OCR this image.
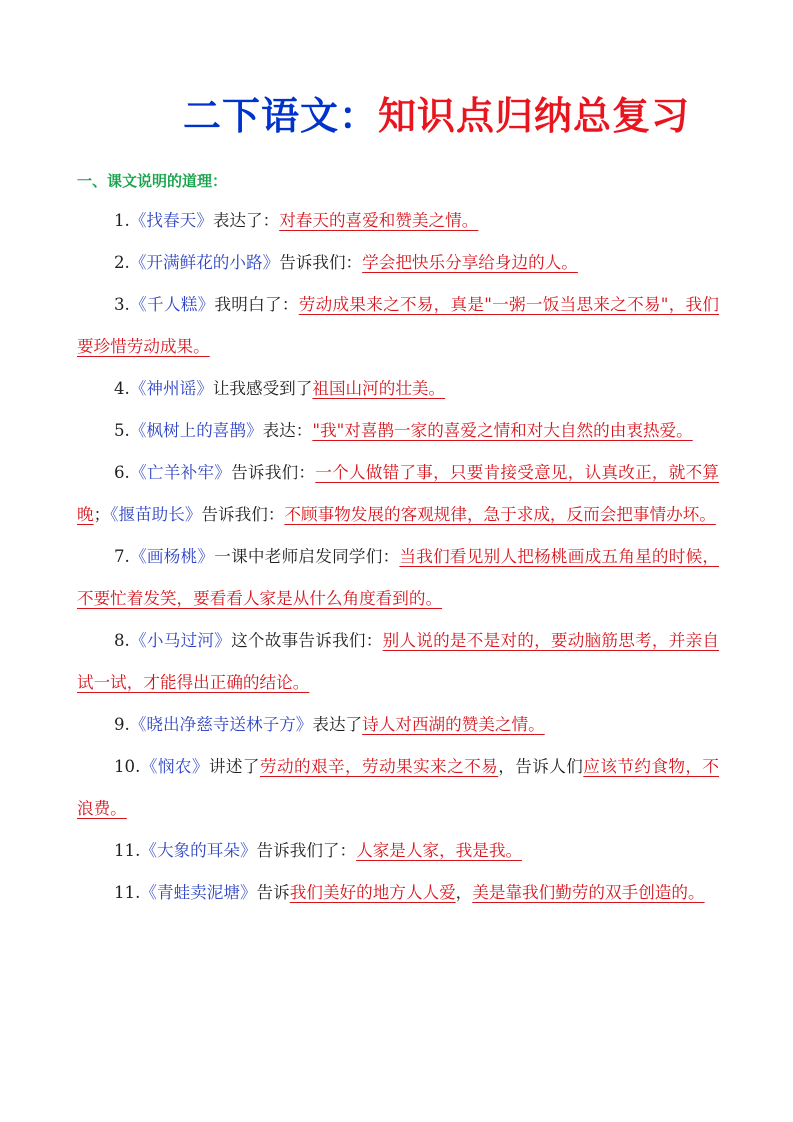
二下语文：知识点归纳总复习
一、课文说明的道理：

1.《找春天》表达了：对春天的喜爱和赞美之情。

2.《开满鲜花的小路》告诉我们：学会把快乐分享给身边的人。

3.《千人糕》我明白了：劳动成果来之不易，真是"一粥一饭当思来之不易"，我们要珍惜劳动成果。

4.《神州谣》让我感受到了祖国山河的壮美。

5.《枫树上的喜鹊》表达："我"对喜鹊一家的喜爱之情和对大自然的由衷热爱。

6.《亡羊补牢》告诉我们：一个人做错了事，只要肯接受意见，认真改正，就不算晚；《揠苗助长》告诉我们：不顾事物发展的客观规律，急于求成，反而会把事情办坏。

7.《画杨桃》一课中老师启发同学们：当我们看见别人把杨桃画成五角星的时候，不要忙着发笑，要看看人家是从什么角度看到的。

8.《小马过河》这个故事告诉我们：别人说的是不是对的，要动脑筋思考，并亲自试一试，才能得出正确的结论。

9.《晓出净慈寺送林子方》表达了诗人对西湖的赞美之情。

10.《悯农》讲述了劳动的艰辛，劳动果实来之不易，告诉人们应该节约食物，不浪费。

11.《大象的耳朵》告诉我们了：人家是人家，我是我。

11.《青蛙卖泥塘》告诉我们美好的地方人人爱，美是靠我们勤劳的双手创造的。
